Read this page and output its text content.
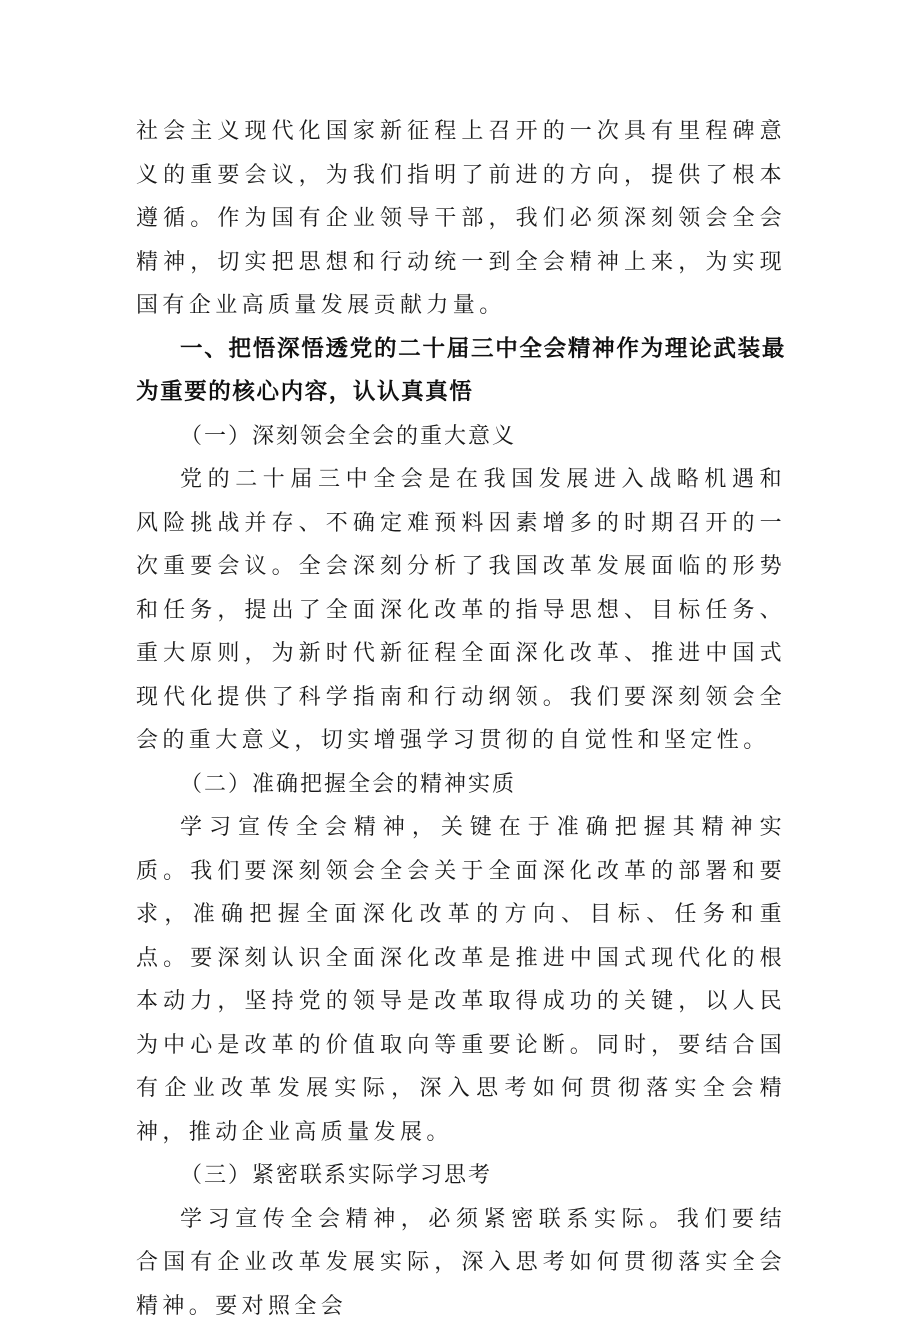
社会主义现代化国家新征程上召开的一次具有里程碑意义的重要会议，为我们指明了前进的方向，提供了根本遵循。作为国有企业领导干部，我们必须深刻领会全会精神，切实把思想和行动统一到全会精神上来，为实现国有企业高质量发展贡献力量。

一、把悟深悟透党的二十届三中全会精神作为理论武装最为重要的核心内容，认认真真悟

（一）深刻领会全会的重大意义

党的二十届三中全会是在我国发展进入战略机遇和风险挑战并存、不确定难预料因素增多的时期召开的一次重要会议。全会深刻分析了我国改革发展面临的形势和任务，提出了全面深化改革的指导思想、目标任务、重大原则，为新时代新征程全面深化改革、推进中国式现代化提供了科学指南和行动纲领。我们要深刻领会全会的重大意义，切实增强学习贯彻的自觉性和坚定性。

（二）准确把握全会的精神实质

学习宣传全会精神，关键在于准确把握其精神实质。我们要深刻领会全会关于全面深化改革的部署和要求，准确把握全面深化改革的方向、目标、任务和重点。要深刻认识全面深化改革是推进中国式现代化的根本动力，坚持党的领导是改革取得成功的关键，以人民为中心是改革的价值取向等重要论断。同时，要结合国有企业改革发展实际，深入思考如何贯彻落实全会精神，推动企业高质量发展。

（三）紧密联系实际学习思考

学习宣传全会精神，必须紧密联系实际。我们要结合国有企业改革发展实际，深入思考如何贯彻落实全会精神。要对照全会
